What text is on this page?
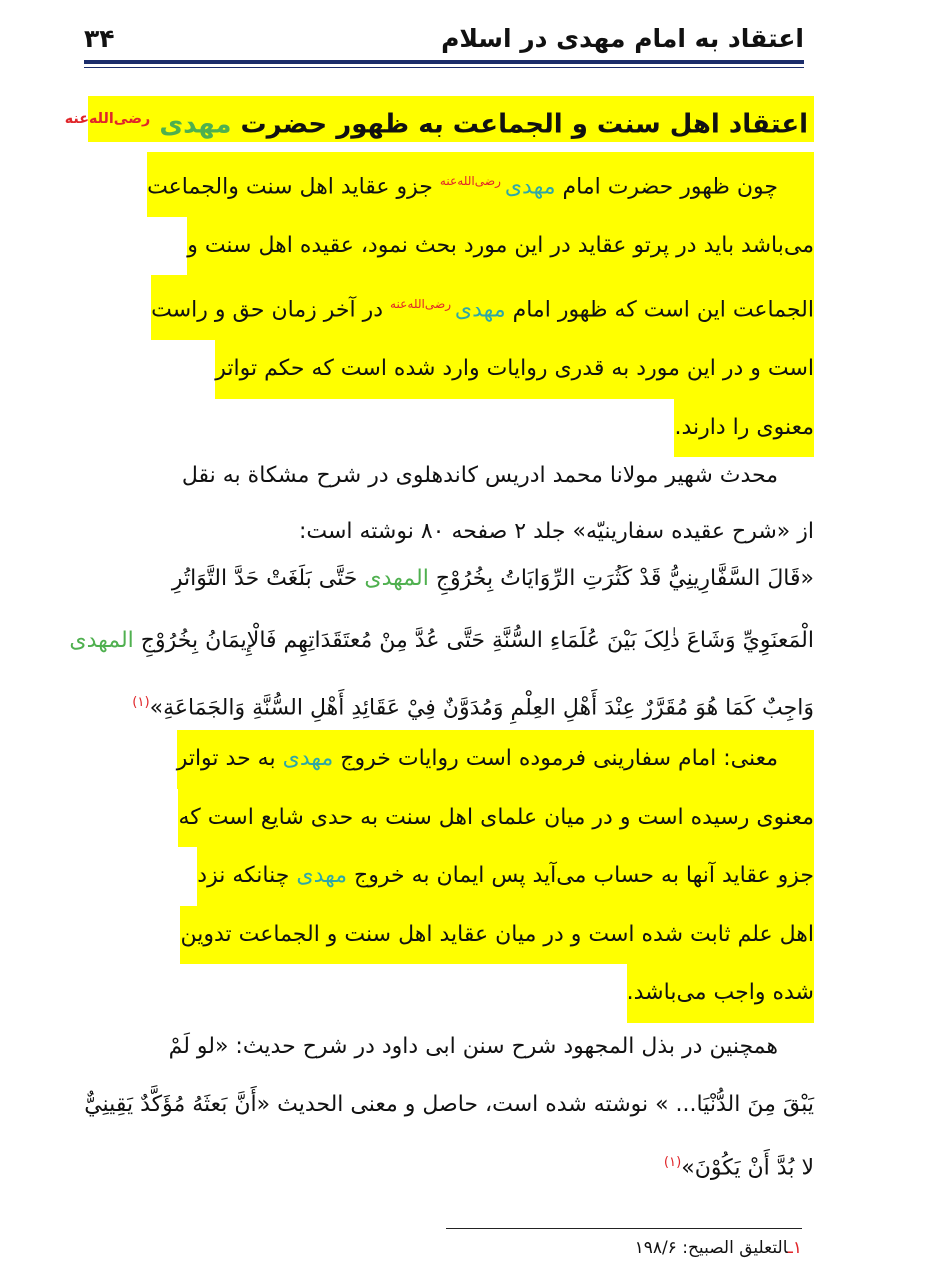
اعتقاد به امام مهدی در اسلام
۳۴
اعتقاد اهل سنت و الجماعت به ظهور حضرت مهدی $^{رضی‌الله‌عنه}$
چون ظهور حضرت امام مهدی $^{رضی‌الله‌عنه}$ جزو عقاید اهل سنت والجماعت
می‌باشد باید در پرتو عقاید در این مورد بحث نمود، عقیده اهل سنت و
الجماعت این است که ظهور امام مهدی $^{رضی‌الله‌عنه}$ در آخر زمان حق و راست
است و در این مورد به قدری روایات وارد شده است که حکم تواتر
معنوی را دارند.
محدث شهیر مولانا محمد ادریس کاندهلوی در شرح مشکاة به نقل
از «شرح عقیده سفارینیّه» جلد ۲ صفحه ۸۰ نوشته است:
«قَالَ السَّفَّارِينِيُّ قَدْ كَثُرَتِ الرِّوَايَاتُ بِخُرُوْجِ المهدی حَتَّى بَلَغَتْ حَدَّ التَّوَاتُرِ
الْمَعنَوِيِّ وَشَاعَ ذٰلِکَ بَيْنَ عُلَمَاءِ السُّنَّةِ حَتَّى عُدَّ مِنْ مُعتَقَدَاتِهِم فَالْإِيمَانُ بِخُرُوْجِ المهدی
وَاجِبٌ كَمَا هُوَ مُقَرَّرٌ عِنْدَ أَهْلِ العِلْمِ وَمُدَوَّنٌ فِيْ عَقَائِدِ أَهْلِ السُّنَّةِ وَالجَمَاعَةِ»$^{(۱)}$
معنی: امام سفارینی فرموده است روایات خروج مهدی به حد تواتر
معنوی رسیده است و در میان علمای اهل سنت به حدی شایع است که
جزو عقاید آنها به حساب می‌آید پس ایمان به خروج مهدی چنانکه نزد
اهل علم ثابت شده است و در میان عقاید اهل سنت و الجماعت تدوین
شده واجب می‌باشد.
همچنین در بذل المجهود شرح سنن ابی داود در شرح حدیث: «لو لَمْ
يَبْقَ مِنَ الدُّنْيَا... » نوشته شده است، حاصل و معنی الحدیث «أَنَّ بَعثَهُ مُؤَكَّدٌ يَقِينِيٌّ
لا بُدَّ أَنْ يَكُوْنَ»$^{(۱)}$
۱ـالتعليق الصبيح: ۱۹۸/۶
